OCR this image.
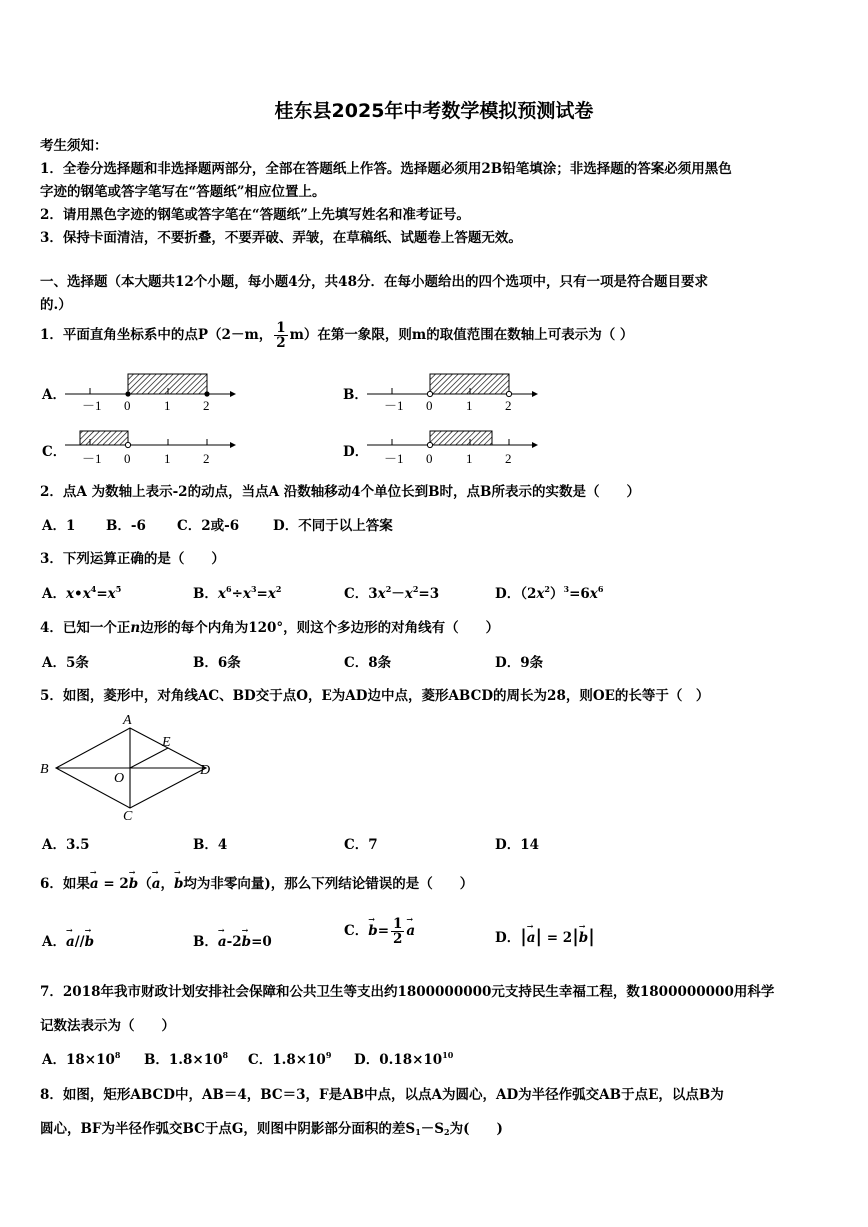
桂东县2025年中考数学模拟预测试卷
考生须知：
1．全卷分选择题和非选择题两部分，全部在答题纸上作答。选择题必须用2B铅笔填涂；非选择题的答案必须用黑色
字迹的钢笔或答字笔写在“答题纸”相应位置上。
2．请用黑色字迹的钢笔或答字笔在“答题纸”上先填写姓名和准考证号。
3．保持卡面清洁，不要折叠，不要弄破、弄皱，在草稿纸、试题卷上答题无效。
一、选择题（本大题共12个小题，每小题4分，共48分．在每小题给出的四个选项中，只有一项是符合题目要求
的.）
1．平面直角坐标系中的点P（2－m， $\frac{1}{2} m$）在第一象限，则m的取值范围在数轴上可表示为（ ）
A．
－1 0	1	2
B．
－1 0	1	2
C． －1 0	1	2	D． －1 0	1	2
2．点A 为数轴上表示-2的动点，当点A 沿数轴移动4个单位长到B时，点B所表示的实数是（　　）
A．1 B．-6 C．2或-6	D．不同于以上答案
3．下列运算正确的是（　　）
A．$x•x^4=x^5$	B．$x^6\div x^3=x^2$	C．$3x^2-x^2=3$	D．$(2x^2)^3=6x^6$
4．已知一个正n边形的每个内角为120°，则这个多边形的对角线有（　　）
A．5条	B．6条	C．8条	D．9条
5．如图，菱形中，对角线AC、BD交于点O，E为AD边中点，菱形ABCD的周长为28，则OE的长等于（　）
A
B
C
D
E
O
A．3.5	B．4	C．7	D．14
6．如果→ a = 2→ b（→ a，→ b均为非零向量)，那么下列结论错误的是（　　）
A．→ a//→ b	B．→ a-2→ b=0
C．→ $b= \frac{1}{2}$
→ a	D．|→ a| = 2|→ b|
7．2018年我市财政计划安排社会保障和公共卫生等支出约1800000000元支持民生幸福工程，数1800000000用科学
记数法表示为（　　）
A．$18\times 10^8$ B．$1.8\times 10^8$ C．$1.8\times 10^9$ D．$0.18\times 10^{10}$
8．如图，矩形ABCD中，AB＝4，BC＝3，F是AB中点，以点A为圆心，AD为半径作弧交AB于点E，以点B为
圆心，BF为半径作弧交BC于点G，则图中阴影部分面积的差$S_1-S_2$为(　　)
